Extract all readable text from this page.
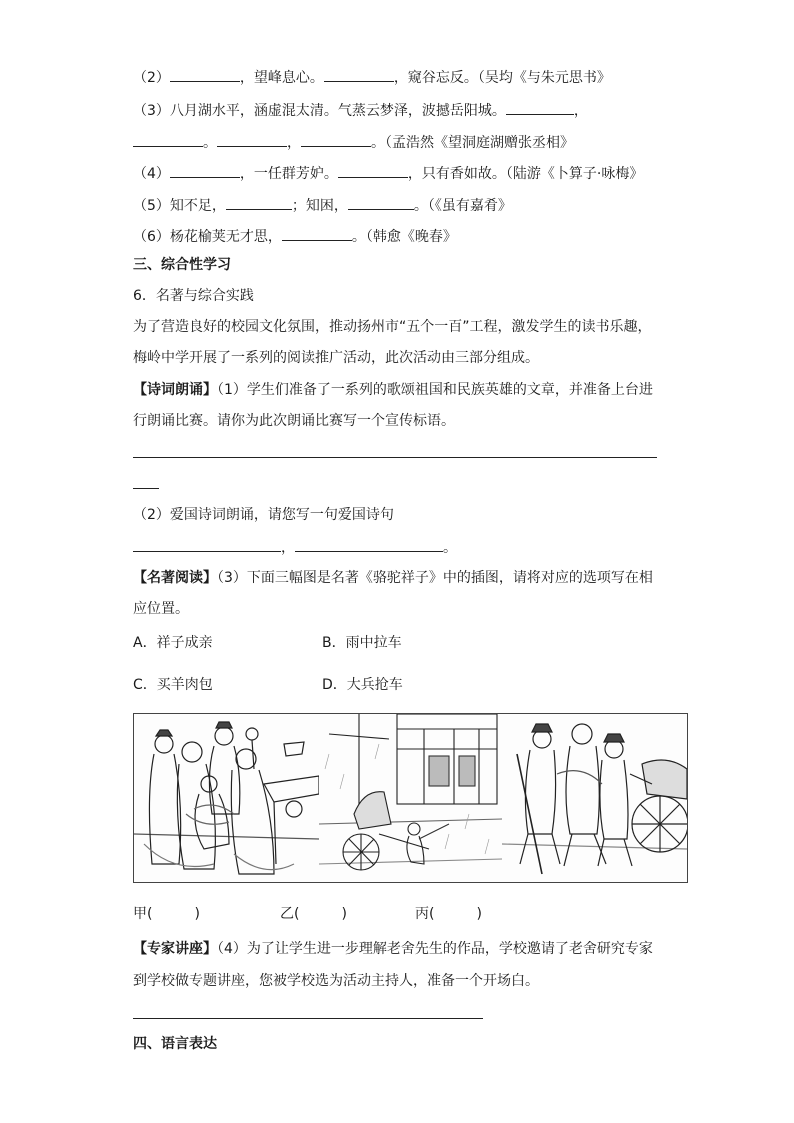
（2）	，望峰息心。	，窥谷忘反。（吴均《与朱元思书》
（3）八月湖水平，涵虚混太清。气蒸云梦泽，波撼岳阳城。	，
。	，	。（孟浩然《望洞庭湖赠张丞相》
（4）	，一任群芳妒。	，只有香如故。（陆游《卜算子·咏梅》
（5）知不足，	；知困，	。（《虽有嘉肴》
（6）杨花榆荚无才思，	。（韩愈《晚春》
三、综合性学习
6．名著与综合实践
为了营造良好的校园文化氛围，推动扬州市“五个一百”工程，激发学生的读书乐趣，
梅岭中学开展了一系列的阅读推广活动，此次活动由三部分组成。
【诗词朗诵】（1）学生们准备了一系列的歌颂祖国和民族英雄的文章，并准备上台进
行朗诵比赛。请你为此次朗诵比赛写一个宣传标语。
（2）爱国诗词朗诵，请您写一句爱国诗句
，	。
【名著阅读】（3）下面三幅图是名著《骆驼祥子》中的插图，请将对应的选项写在相
应位置。
A．祥子成亲	B．雨中拉车
C．买羊肉包	D．大兵抢车
甲(　　　)	乙(　　　)	丙(　　　)
【专家讲座】（4）为了让学生进一步理解老舍先生的作品，学校邀请了老舍研究专家
到学校做专题讲座，您被学校选为活动主持人，准备一个开场白。
四、语言表达
